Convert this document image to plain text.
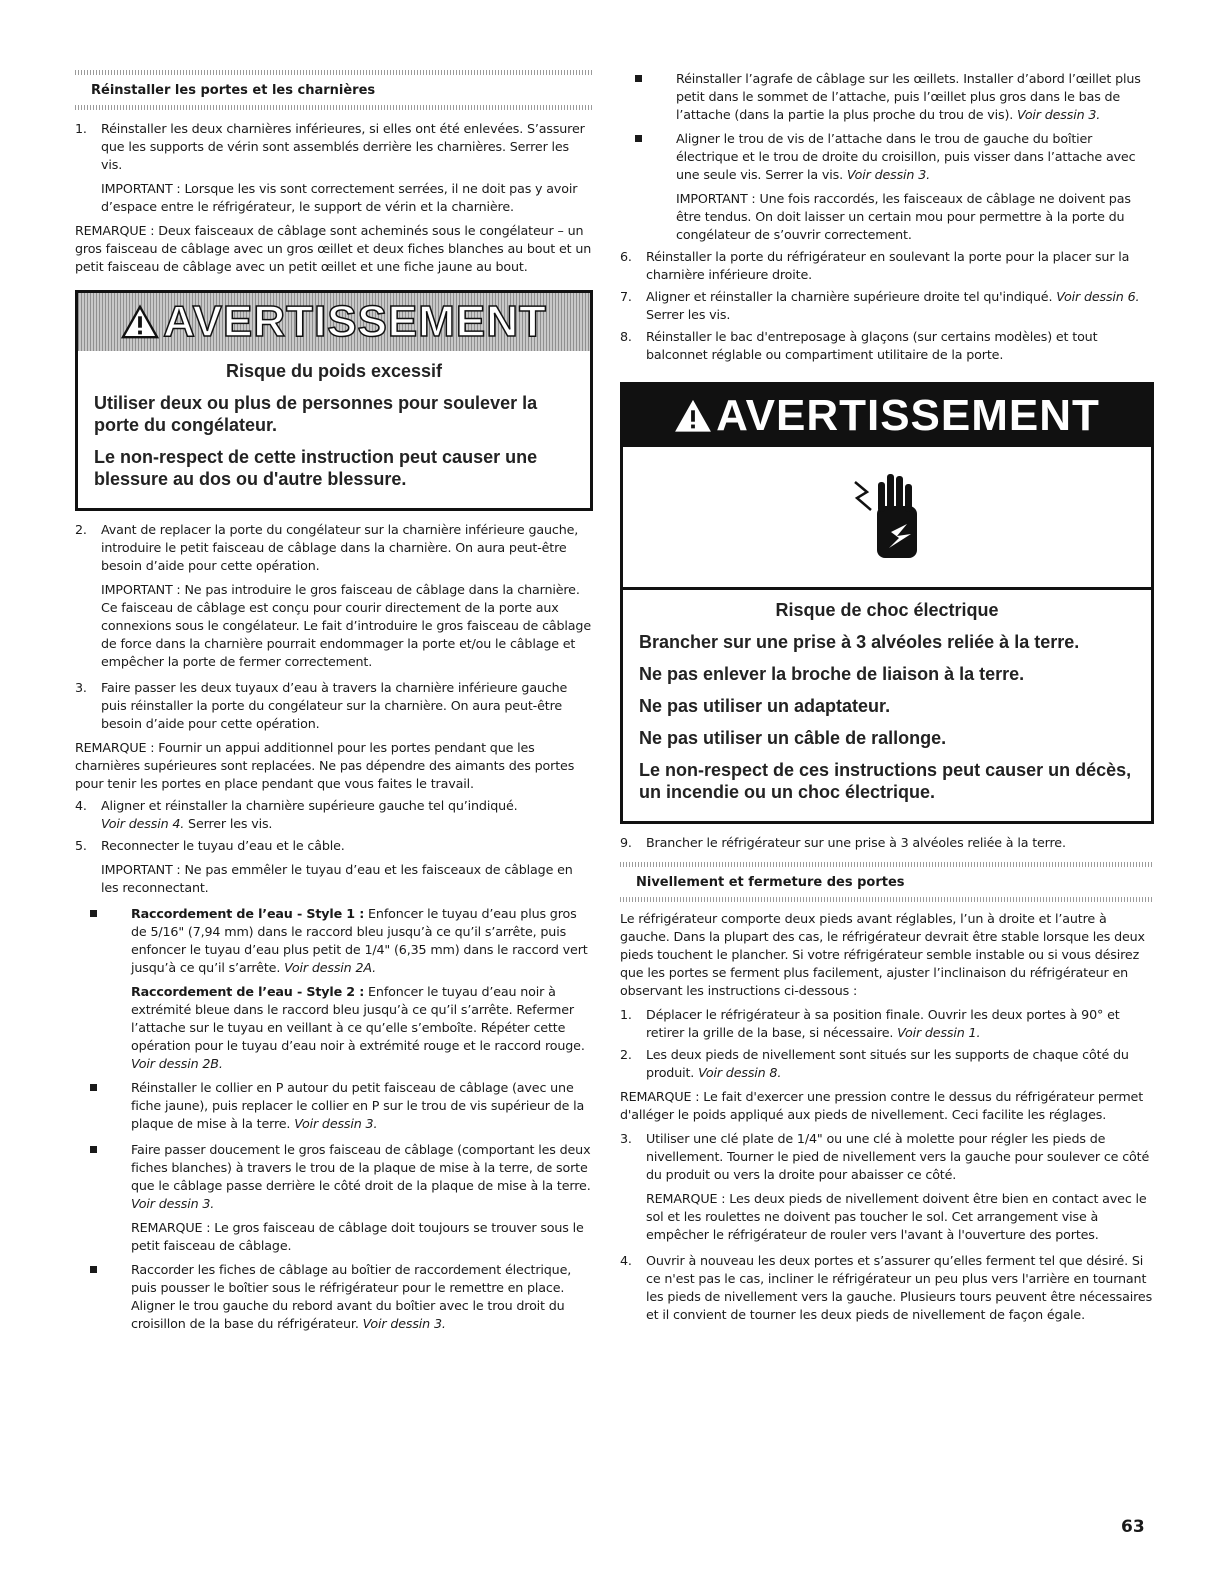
Réinstaller les portes et les charnières
1. Réinstaller les deux charnières inférieures, si elles ont été enlevées. S’assurer que les supports de vérin sont assemblés derrière les charnières. Serrer les vis.
IMPORTANT : Lorsque les vis sont correctement serrées, il ne doit pas y avoir d’espace entre le réfrigérateur, le support de vérin et la charnière.
REMARQUE : Deux faisceaux de câblage sont acheminés sous le congélateur – un gros faisceau de câblage avec un gros œillet et deux fiches blanches au bout et un petit faisceau de câblage avec un petit œillet et une fiche jaune au bout.
AVERTISSEMENT
Risque du poids excessif
Utiliser deux ou plus de personnes pour soulever la porte du congélateur.
Le non-respect de cette instruction peut causer une blessure au dos ou d'autre blessure.
2. Avant de replacer la porte du congélateur sur la charnière inférieure gauche, introduire le petit faisceau de câblage dans la charnière. On aura peut-être besoin d’aide pour cette opération.
IMPORTANT : Ne pas introduire le gros faisceau de câblage dans la charnière. Ce faisceau de câblage est conçu pour courir directement de la porte aux connexions sous le congélateur. Le fait d’introduire le gros faisceau de câblage de force dans la charnière pourrait endommager la porte et/ou le câblage et empêcher la porte de fermer correctement.
3. Faire passer les deux tuyaux d’eau à travers la charnière inférieure gauche puis réinstaller la porte du congélateur sur la charnière. On aura peut-être besoin d’aide pour cette opération.
REMARQUE : Fournir un appui additionnel pour les portes pendant que les charnières supérieures sont replacées. Ne pas dépendre des aimants des portes pour tenir les portes en place pendant que vous faites le travail.
4. Aligner et réinstaller la charnière supérieure gauche tel qu’indiqué.
Voir dessin 4. Serrer les vis.
5. Reconnecter le tuyau d’eau et le câble.
IMPORTANT : Ne pas emmêler le tuyau d’eau et les faisceaux de câblage en les reconnectant.
Raccordement de l’eau - Style 1 : Enfoncer le tuyau d’eau plus gros de 5/16" (7,94 mm) dans le raccord bleu jusqu’à ce qu’il s’arrête, puis enfoncer le tuyau d’eau plus petit de 1/4" (6,35 mm) dans le raccord vert jusqu’à ce qu’il s’arrête. Voir dessin 2A.
Raccordement de l’eau - Style 2 : Enfoncer le tuyau d’eau noir à extrémité bleue dans le raccord bleu jusqu’à ce qu’il s’arrête. Refermer l’attache sur le tuyau en veillant à ce qu’elle s’emboîte. Répéter cette opération pour le tuyau d’eau noir à extrémité rouge et le raccord rouge. Voir dessin 2B.
Réinstaller le collier en P autour du petit faisceau de câblage (avec une fiche jaune), puis replacer le collier en P sur le trou de vis supérieur de la plaque de mise à la terre. Voir dessin 3.
Faire passer doucement le gros faisceau de câblage (comportant les deux fiches blanches) à travers le trou de la plaque de mise à la terre, de sorte que le câblage passe derrière le côté droit de la plaque de mise à la terre. Voir dessin 3.
REMARQUE : Le gros faisceau de câblage doit toujours se trouver sous le petit faisceau de câblage.
Raccorder les fiches de câblage au boîtier de raccordement électrique, puis pousser le boîtier sous le réfrigérateur pour le remettre en place. Aligner le trou gauche du rebord avant du boîtier avec le trou droit du croisillon de la base du réfrigérateur. Voir dessin 3.
Réinstaller l’agrafe de câblage sur les œillets. Installer d’abord l’œillet plus petit dans le sommet de l’attache, puis l’œillet plus gros dans le bas de l’attache (dans la partie la plus proche du trou de vis). Voir dessin 3.
Aligner le trou de vis de l’attache dans le trou de gauche du boîtier électrique et le trou de droite du croisillon, puis visser dans l’attache avec une seule vis. Serrer la vis. Voir dessin 3.
IMPORTANT : Une fois raccordés, les faisceaux de câblage ne doivent pas être tendus. On doit laisser un certain mou pour permettre à la porte du congélateur de s’ouvrir correctement.
6. Réinstaller la porte du réfrigérateur en soulevant la porte pour la placer sur la charnière inférieure droite.
7. Aligner et réinstaller la charnière supérieure droite tel qu'indiqué. Voir dessin 6. Serrer les vis.
8. Réinstaller le bac d'entreposage à glaçons (sur certains modèles) et tout balconnet réglable ou compartiment utilitaire de la porte.
AVERTISSEMENT
Risque de choc électrique
Brancher sur une prise à 3 alvéoles reliée à la terre.
Ne pas enlever la broche de liaison à la terre.
Ne pas utiliser un adaptateur.
Ne pas utiliser un câble de rallonge.
Le non-respect de ces instructions peut causer un décès, un incendie ou un choc électrique.
9. Brancher le réfrigérateur sur une prise à 3 alvéoles reliée à la terre.
Nivellement et fermeture des portes
Le réfrigérateur comporte deux pieds avant réglables, l’un à droite et l’autre à gauche. Dans la plupart des cas, le réfrigérateur devrait être stable lorsque les deux pieds touchent le plancher. Si votre réfrigérateur semble instable ou si vous désirez que les portes se ferment plus facilement, ajuster l’inclinaison du réfrigérateur en observant les instructions ci-dessous :
1. Déplacer le réfrigérateur à sa position finale. Ouvrir les deux portes à 90° et retirer la grille de la base, si nécessaire. Voir dessin 1.
2. Les deux pieds de nivellement sont situés sur les supports de chaque côté du produit. Voir dessin 8.
REMARQUE : Le fait d'exercer une pression contre le dessus du réfrigérateur permet d'alléger le poids appliqué aux pieds de nivellement. Ceci facilite les réglages.
3. Utiliser une clé plate de 1/4" ou une clé à molette pour régler les pieds de nivellement. Tourner le pied de nivellement vers la gauche pour soulever ce côté du produit ou vers la droite pour abaisser ce côté.
REMARQUE : Les deux pieds de nivellement doivent être bien en contact avec le sol et les roulettes ne doivent pas toucher le sol. Cet arrangement vise à empêcher le réfrigérateur de rouler vers l'avant à l'ouverture des portes.
4. Ouvrir à nouveau les deux portes et s’assurer qu’elles ferment tel que désiré. Si ce n'est pas le cas, incliner le réfrigérateur un peu plus vers l'arrière en tournant les pieds de nivellement vers la gauche. Plusieurs tours peuvent être nécessaires et il convient de tourner les deux pieds de nivellement de façon égale.
63
